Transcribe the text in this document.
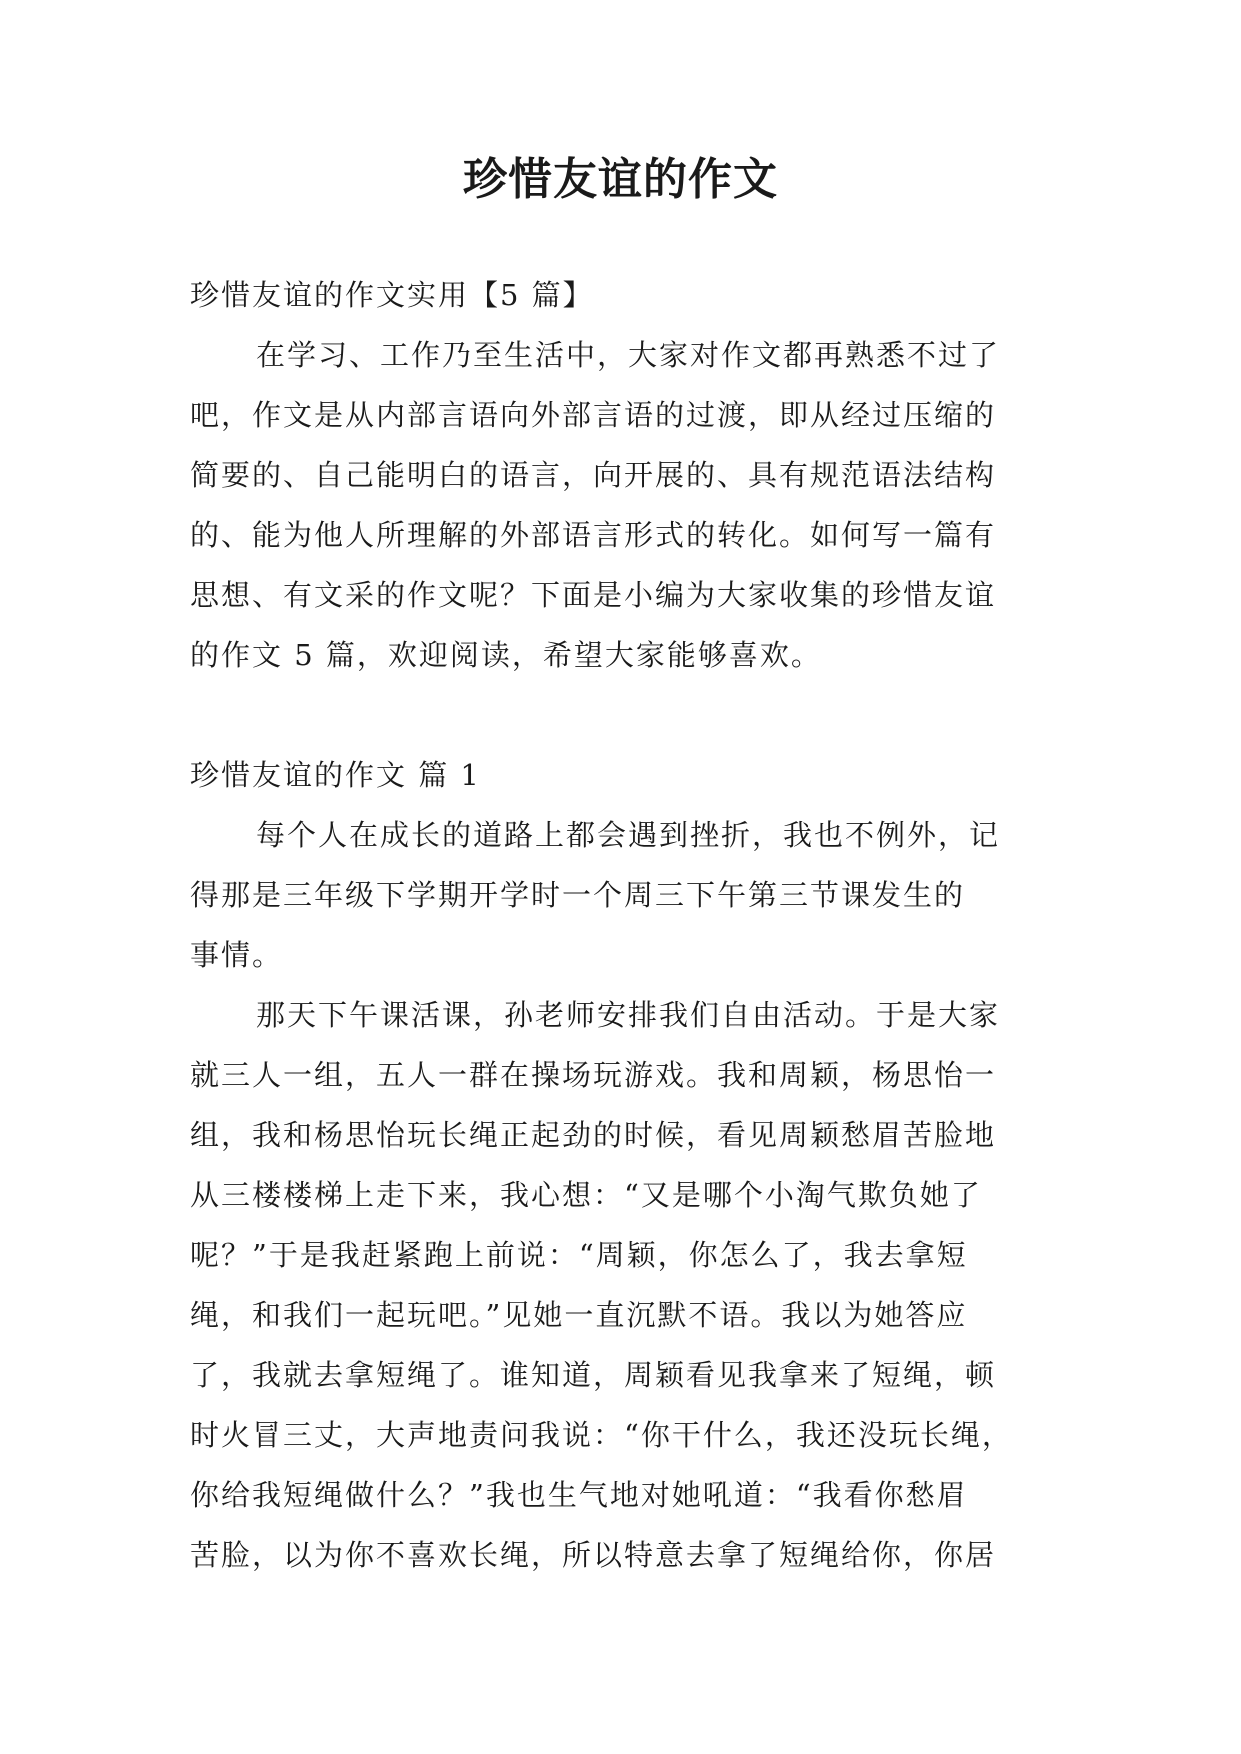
珍惜友谊的作文
珍惜友谊的作文实用【5 篇】
在学习、工作乃至生活中，大家对作文都再熟悉不过了
吧，作文是从内部言语向外部言语的过渡，即从经过压缩的
简要的、自己能明白的语言，向开展的、具有规范语法结构
的、能为他人所理解的外部语言形式的转化。如何写一篇有
思想、有文采的作文呢？下面是小编为大家收集的珍惜友谊
的作文 5 篇，欢迎阅读，希望大家能够喜欢。
珍惜友谊的作文 篇 1
每个人在成长的道路上都会遇到挫折，我也不例外，记
得那是三年级下学期开学时一个周三下午第三节课发生的
事情。
那天下午课活课，孙老师安排我们自由活动。于是大家
就三人一组，五人一群在操场玩游戏。我和周颖，杨思怡一
组，我和杨思怡玩长绳正起劲的时候，看见周颖愁眉苦脸地
从三楼楼梯上走下来，我心想：“又是哪个小淘气欺负她了
呢？”于是我赶紧跑上前说：“周颖，你怎么了，我去拿短
绳，和我们一起玩吧。”见她一直沉默不语。我以为她答应
了，我就去拿短绳了。谁知道，周颖看见我拿来了短绳，顿
时火冒三丈，大声地责问我说：“你干什么，我还没玩长绳，
你给我短绳做什么？”我也生气地对她吼道：“我看你愁眉
苦脸，以为你不喜欢长绳，所以特意去拿了短绳给你，你居
